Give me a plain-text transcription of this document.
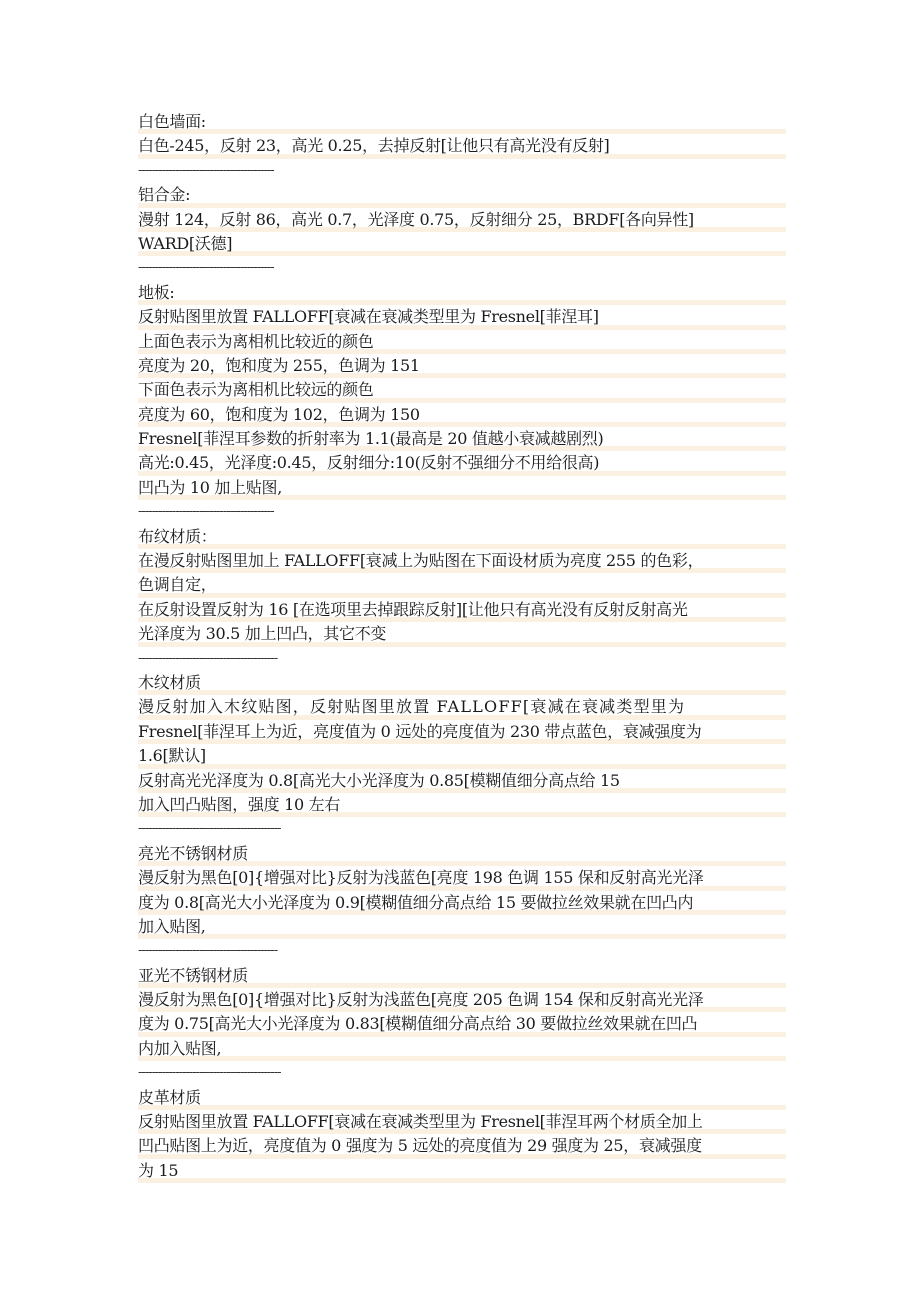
白色墙面:
白色-245，反射 23，高光 0.25，去掉反射[让他只有高光没有反射]
----------------------------------------
铝合金:
漫射 124，反射 86，高光 0.7，光泽度 0.75，反射细分 25，BRDF[各向异性]
WARD[沃德]
----------------------------------------
地板:
反射贴图里放置 FALLOFF[衰减在衰减类型里为 Fresnel[菲涅耳]
上面色表示为离相机比较近的颜色
亮度为 20，饱和度为 255，色调为 151
下面色表示为离相机比较远的颜色
亮度为 60，饱和度为 102，色调为 150
Fresnel[菲涅耳参数的折射率为 1.1(最高是 20 值越小衰减越剧烈)
高光:0.45，光泽度:0.45，反射细分:10(反射不强细分不用给很高)
凹凸为 10 加上贴图,
----------------------------------------
布纹材质：
在漫反射贴图里加上 FALLOFF[衰减上为贴图在下面设材质为亮度 255 的色彩，
色调自定，
在反射设置反射为 16 [在选项里去掉跟踪反射][让他只有高光没有反射反射高光
光泽度为 30.5 加上凹凸，其它不变
-----------------------------------------
木纹材质
漫反射加入木纹贴图，反射贴图里放置 FALLOFF[衰减在衰减类型里为
Fresnel[菲涅耳上为近，亮度值为 0 远处的亮度值为 230 带点蓝色，衰减强度为
1.6[默认]
反射高光光泽度为 0.8[高光大小光泽度为 0.85[模糊值细分高点给 15
加入凹凸贴图，强度 10 左右
------------------------------------------
亮光不锈钢材质
漫反射为黑色[0]{增强对比}反射为浅蓝色[亮度 198 色调 155 保和反射高光光泽
度为 0.8[高光大小光泽度为 0.9[模糊值细分高点给 15 要做拉丝效果就在凹凸内
加入贴图,
-----------------------------------------
亚光不锈钢材质
漫反射为黑色[0]{增强对比}反射为浅蓝色[亮度 205 色调 154 保和反射高光光泽
度为 0.75[高光大小光泽度为 0.83[模糊值细分高点给 30 要做拉丝效果就在凹凸
内加入贴图,
------------------------------------------
皮革材质
反射贴图里放置 FALLOFF[衰减在衰减类型里为 Fresnel[菲涅耳两个材质全加上
凹凸贴图上为近，亮度值为 0 强度为 5 远处的亮度值为 29 强度为 25，衰减强度
为 15
